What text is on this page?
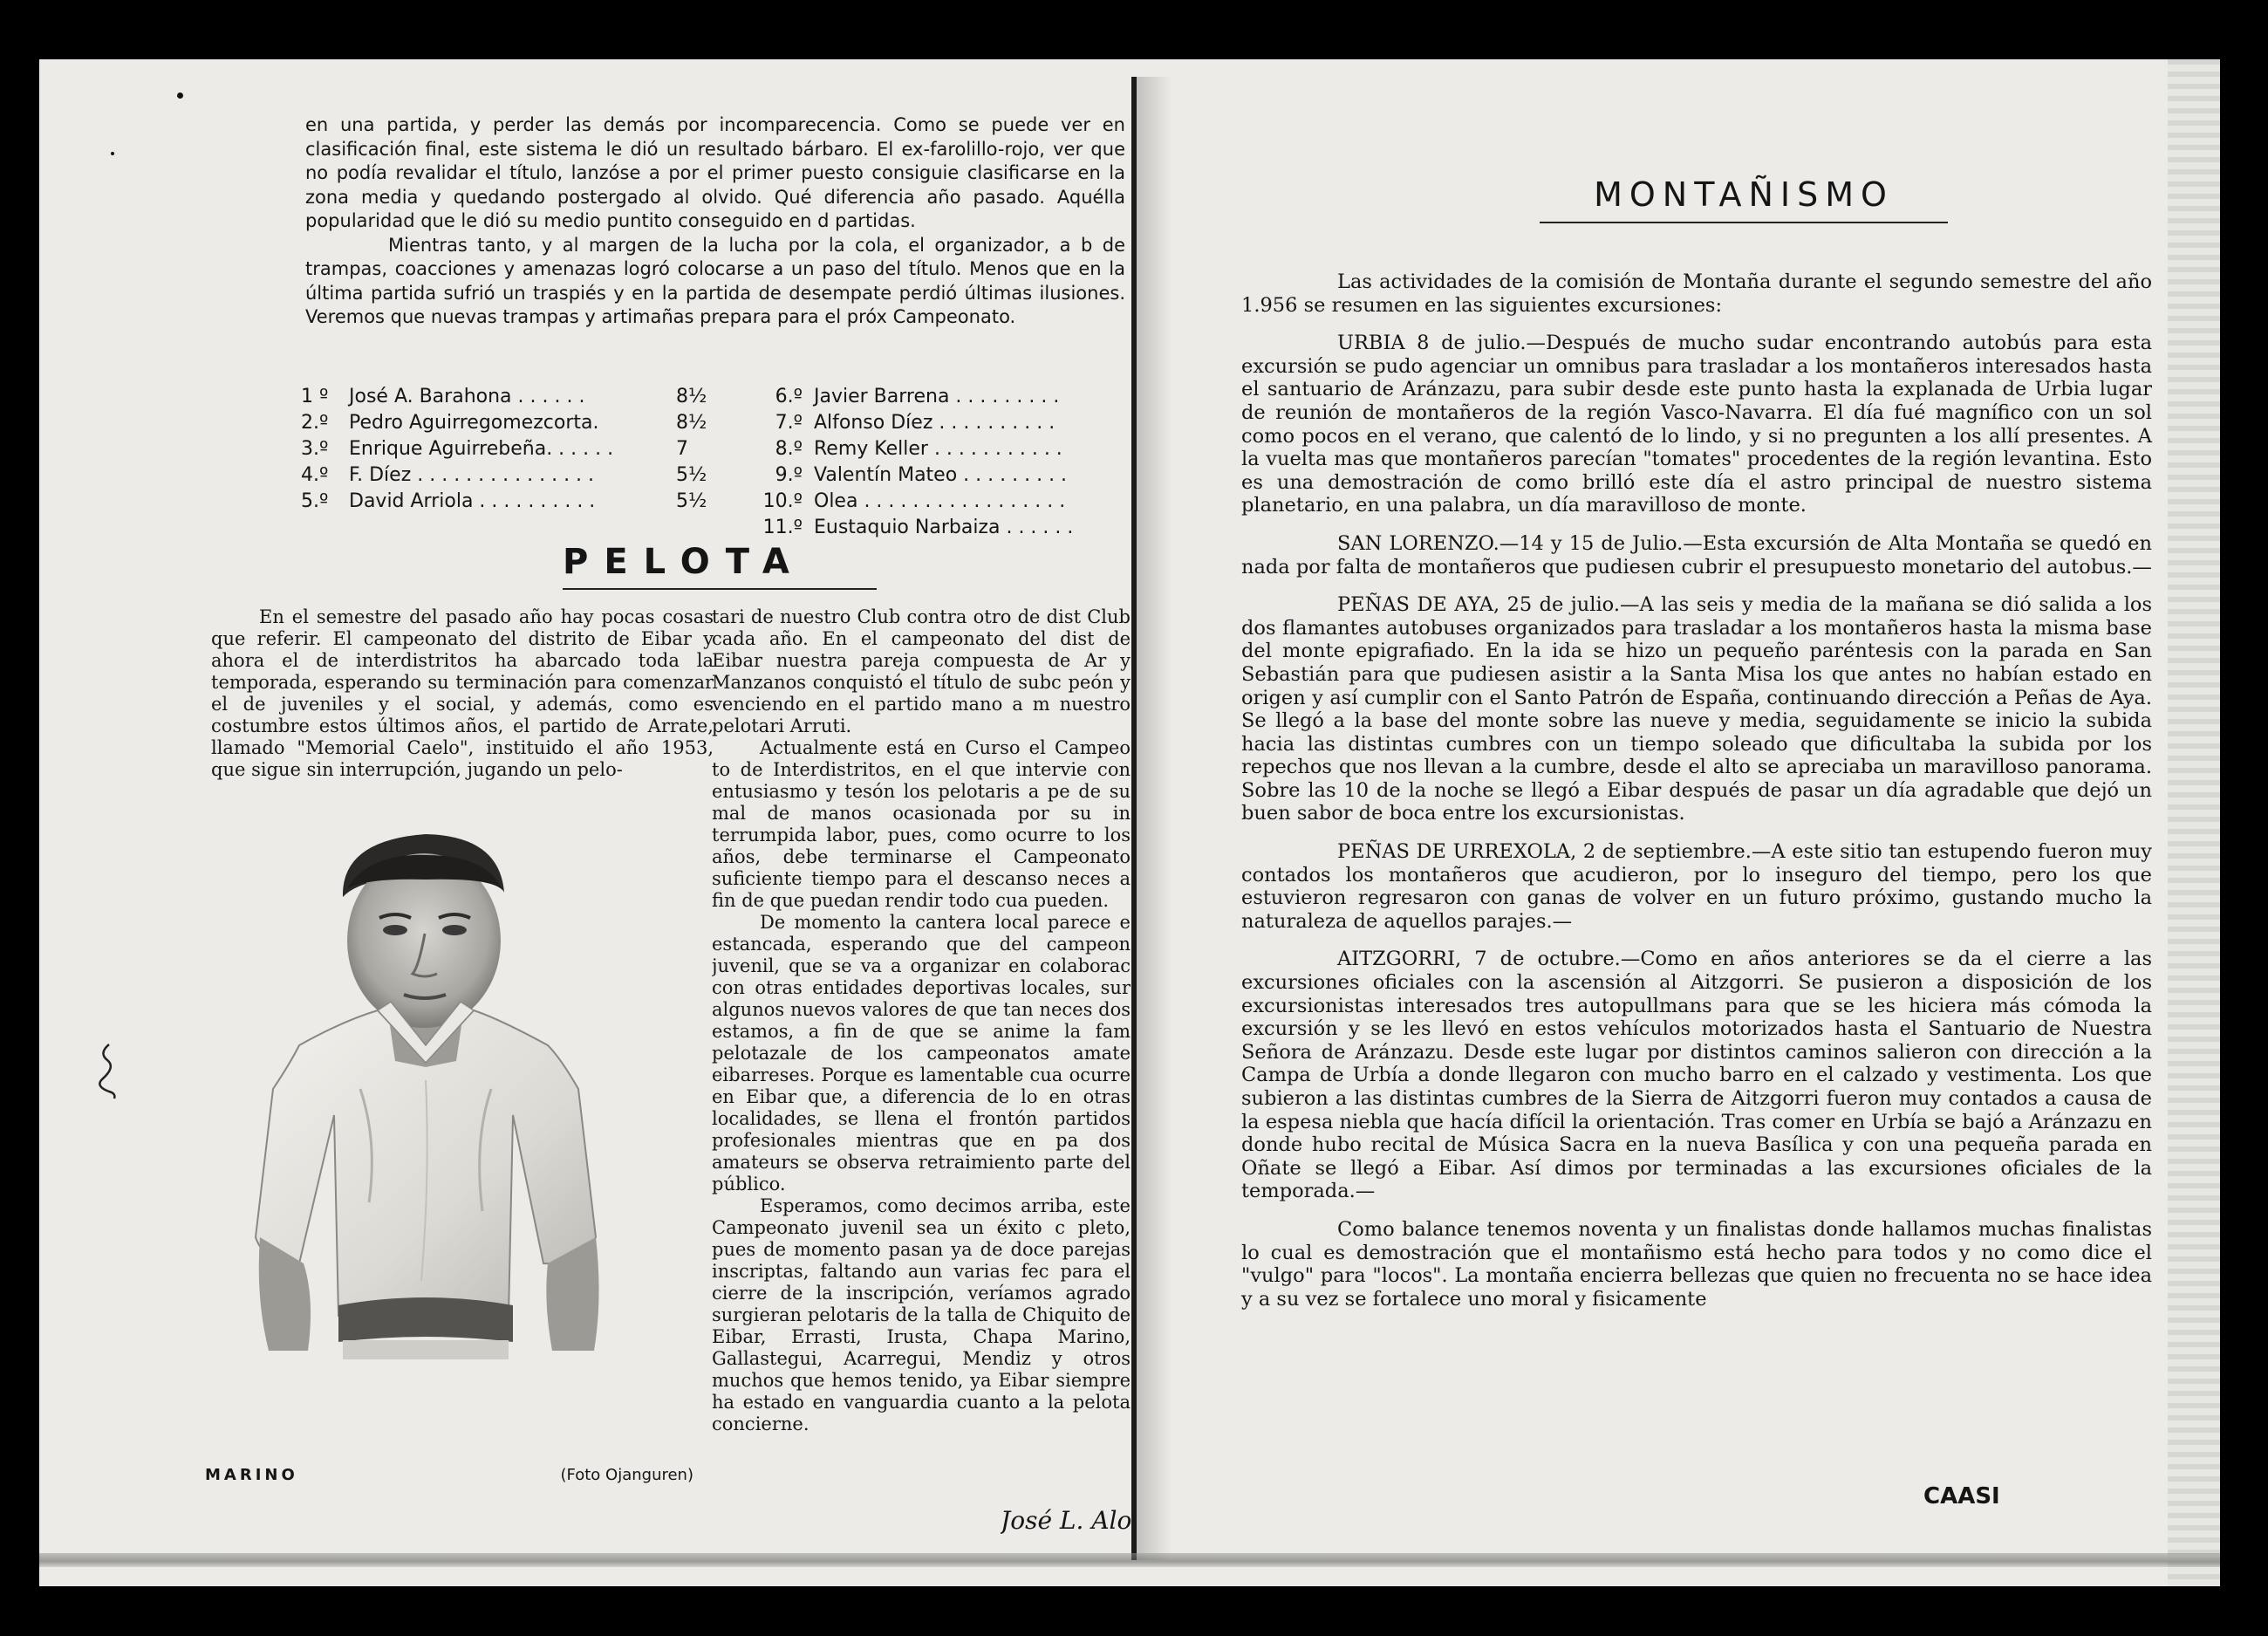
en una partida, y perder las demás por incomparecencia. Como se puede ver en clasificación final, este sistema le dió un resultado bárbaro. El ex-farolillo-rojo, ver que no podía revalidar el título, lanzóse a por el primer puesto consiguie clasificarse en la zona media y quedando postergado al olvido. Qué diferencia año pasado. Aquélla popularidad que le dió su medio puntito conseguido en d partidas.

Mientras tanto, y al margen de la lucha por la cola, el organizador, a b de trampas, coacciones y amenazas logró colocarse a un paso del título. Menos que en la última partida sufrió un traspiés y en la partida de desempate perdió últimas ilusiones. Veremos que nuevas trampas y artimañas prepara para el próx Campeonato.

1 º	José A. Barahona . . . . . .	8½
2.º	Pedro Aguirregomezcorta.	8½
3.º	Enrique Aguirrebeña. . . . . .	7
4.º	F. Díez . . . . . . . . . . . . . . .	5½
5.º	David Arriola . . . . . . . . . .	5½
6.º Javier Barrena . . . . . . . . .
7.º Alfonso Díez . . . . . . . . . .
8.º Remy Keller . . . . . . . . . . .
9.º Valentín Mateo . . . . . . . . .
10.º Olea . . . . . . . . . . . . . . . . .
11.º Eustaquio Narbaiza . . . . . .
PELOTA

En el semestre del pasado año hay pocas cosas que referir. El campeonato del distrito de Eibar y ahora el de interdistritos ha abarcado toda la temporada, esperando su terminación para comenzar el de juveniles y el social, y además, como es costumbre estos últimos años, el partido de Arrate, llamado "Memorial Caelo", instituido el año 1953, que sigue sin interrupción, jugando un pelo-

MARINO	(Foto Ojanguren)

tari de nuestro Club contra otro de dist Club cada año. En el campeonato del dist de Eibar nuestra pareja compuesta de Ar y Manzanos conquistó el título de subc peón y venciendo en el partido mano a m nuestro pelotari Arruti.

Actualmente está en Curso el Campeo to de Interdistritos, en el que intervie con entusiasmo y tesón los pelotaris a pe de su mal de manos ocasionada por su in terrumpida labor, pues, como ocurre to los años, debe terminarse el Campeonato suficiente tiempo para el descanso neces a fin de que puedan rendir todo cua pueden.

De momento la cantera local parece e estancada, esperando que del campeon juvenil, que se va a organizar en colaborac con otras entidades deportivas locales, sur algunos nuevos valores de que tan neces dos estamos, a fin de que se anime la fam pelotazale de los campeonatos amate eibarreses. Porque es lamentable cua ocurre en Eibar que, a diferencia de lo en otras localidades, se llena el frontón partidos profesionales mientras que en pa dos amateurs se observa retraimiento parte del público.

Esperamos, como decimos arriba, este Campeonato juvenil sea un éxito c pleto, pues de momento pasan ya de doce parejas inscriptas, faltando aun varias fec para el cierre de la inscripción, veríamos agrado surgieran pelotaris de la talla de Chiquito de Eibar, Errasti, Irusta, Chapa Marino, Gallastegui, Acarregui, Mendiz y otros muchos que hemos tenido, ya Eibar siempre ha estado en vanguardia cuanto a la pelota concierne.

José L. Alo
MONTAÑISMO

Las actividades de la comisión de Montaña durante el segundo semestre del año 1.956 se resumen en las siguientes excursiones:

URBIA 8 de julio.—Después de mucho sudar encontrando autobús para esta excursión se pudo agenciar un omnibus para trasladar a los montañeros interesados hasta el santuario de Aránzazu, para subir desde este punto hasta la explanada de Urbia lugar de reunión de montañeros de la región Vasco-Navarra. El día fué magnífico con un sol como pocos en el verano, que calentó de lo lindo, y si no pregunten a los allí presentes. A la vuelta mas que montañeros parecían "tomates" procedentes de la región levantina. Esto es una demostración de como brilló este día el astro principal de nuestro sistema planetario, en una palabra, un día maravilloso de monte.

SAN LORENZO.—14 y 15 de Julio.—Esta excursión de Alta Montaña se quedó en nada por falta de montañeros que pudiesen cubrir el presupuesto monetario del autobus.—

PEÑAS DE AYA, 25 de julio.—A las seis y media de la mañana se dió salida a los dos flamantes autobuses organizados para trasladar a los montañeros hasta la misma base del monte epigrafiado. En la ida se hizo un pequeño paréntesis con la parada en San Sebastián para que pudiesen asistir a la Santa Misa los que antes no habían estado en origen y así cumplir con el Santo Patrón de España, continuando dirección a Peñas de Aya. Se llegó a la base del monte sobre las nueve y media, seguidamente se inicio la subida hacia las distintas cumbres con un tiempo soleado que dificultaba la subida por los repechos que nos llevan a la cumbre, desde el alto se apreciaba un maravilloso panorama. Sobre las 10 de la noche se llegó a Eibar después de pasar un día agradable que dejó un buen sabor de boca entre los excursionistas.

PEÑAS DE URREXOLA, 2 de septiembre.—A este sitio tan estupendo fueron muy contados los montañeros que acudieron, por lo inseguro del tiempo, pero los que estuvieron regresaron con ganas de volver en un futuro próximo, gustando mucho la naturaleza de aquellos parajes.—

AITZGORRI, 7 de octubre.—Como en años anteriores se da el cierre a las excursiones oficiales con la ascensión al Aitzgorri. Se pusieron a disposición de los excursionistas interesados tres autopullmans para que se les hiciera más cómoda la excursión y se les llevó en estos vehículos motorizados hasta el Santuario de Nuestra Señora de Aránzazu. Desde este lugar por distintos caminos salieron con dirección a la Campa de Urbía a donde llegaron con mucho barro en el calzado y vestimenta. Los que subieron a las distintas cumbres de la Sierra de Aitzgorri fueron muy contados a causa de la espesa niebla que hacía difícil la orientación. Tras comer en Urbía se bajó a Aránzazu en donde hubo recital de Música Sacra en la nueva Basílica y con una pequeña parada en Oñate se llegó a Eibar. Así dimos por terminadas a las excursiones oficiales de la temporada.—

Como balance tenemos noventa y un finalistas donde hallamos muchas finalistas lo cual es demostración que el montañismo está hecho para todos y no como dice el "vulgo" para "locos". La montaña encierra bellezas que quien no frecuenta no se hace idea y a su vez se fortalece uno moral y fisicamente

CAASI
